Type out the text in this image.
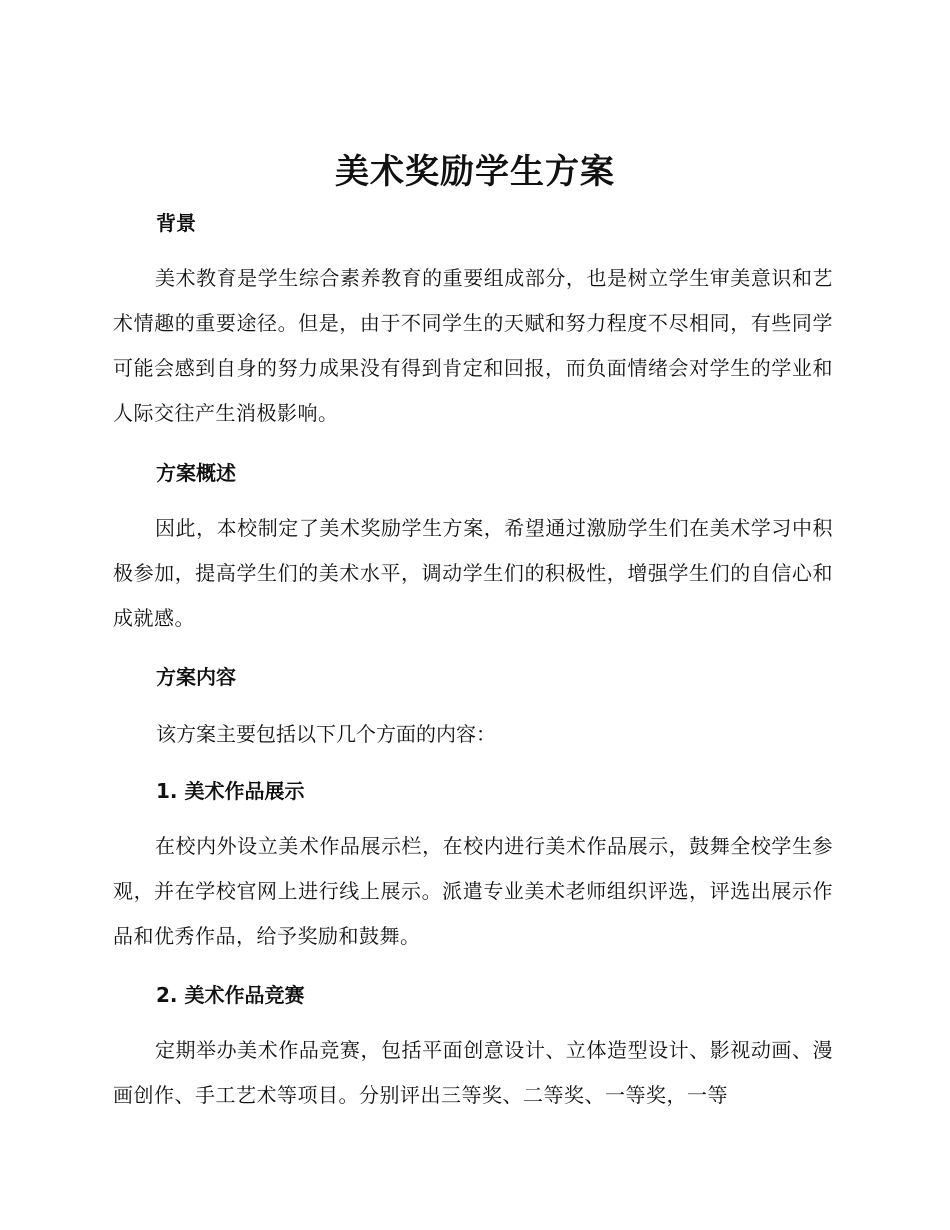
美术奖励学生方案
背景
美术教育是学生综合素养教育的重要组成部分，也是树立学生审美意识和艺术情趣的重要途径。但是，由于不同学生的天赋和努力程度不尽相同，有些同学可能会感到自身的努力成果没有得到肯定和回报，而负面情绪会对学生的学业和人际交往产生消极影响。
方案概述
因此，本校制定了美术奖励学生方案，希望通过激励学生们在美术学习中积极参加，提高学生们的美术水平，调动学生们的积极性，增强学生们的自信心和成就感。
方案内容
该方案主要包括以下几个方面的内容：
1. 美术作品展示
在校内外设立美术作品展示栏，在校内进行美术作品展示，鼓舞全校学生参观，并在学校官网上进行线上展示。派遣专业美术老师组织评选，评选出展示作品和优秀作品，给予奖励和鼓舞。
2. 美术作品竞赛
定期举办美术作品竞赛，包括平面创意设计、立体造型设计、影视动画、漫画创作、手工艺术等项目。分别评出三等奖、二等奖、一等奖，一等
